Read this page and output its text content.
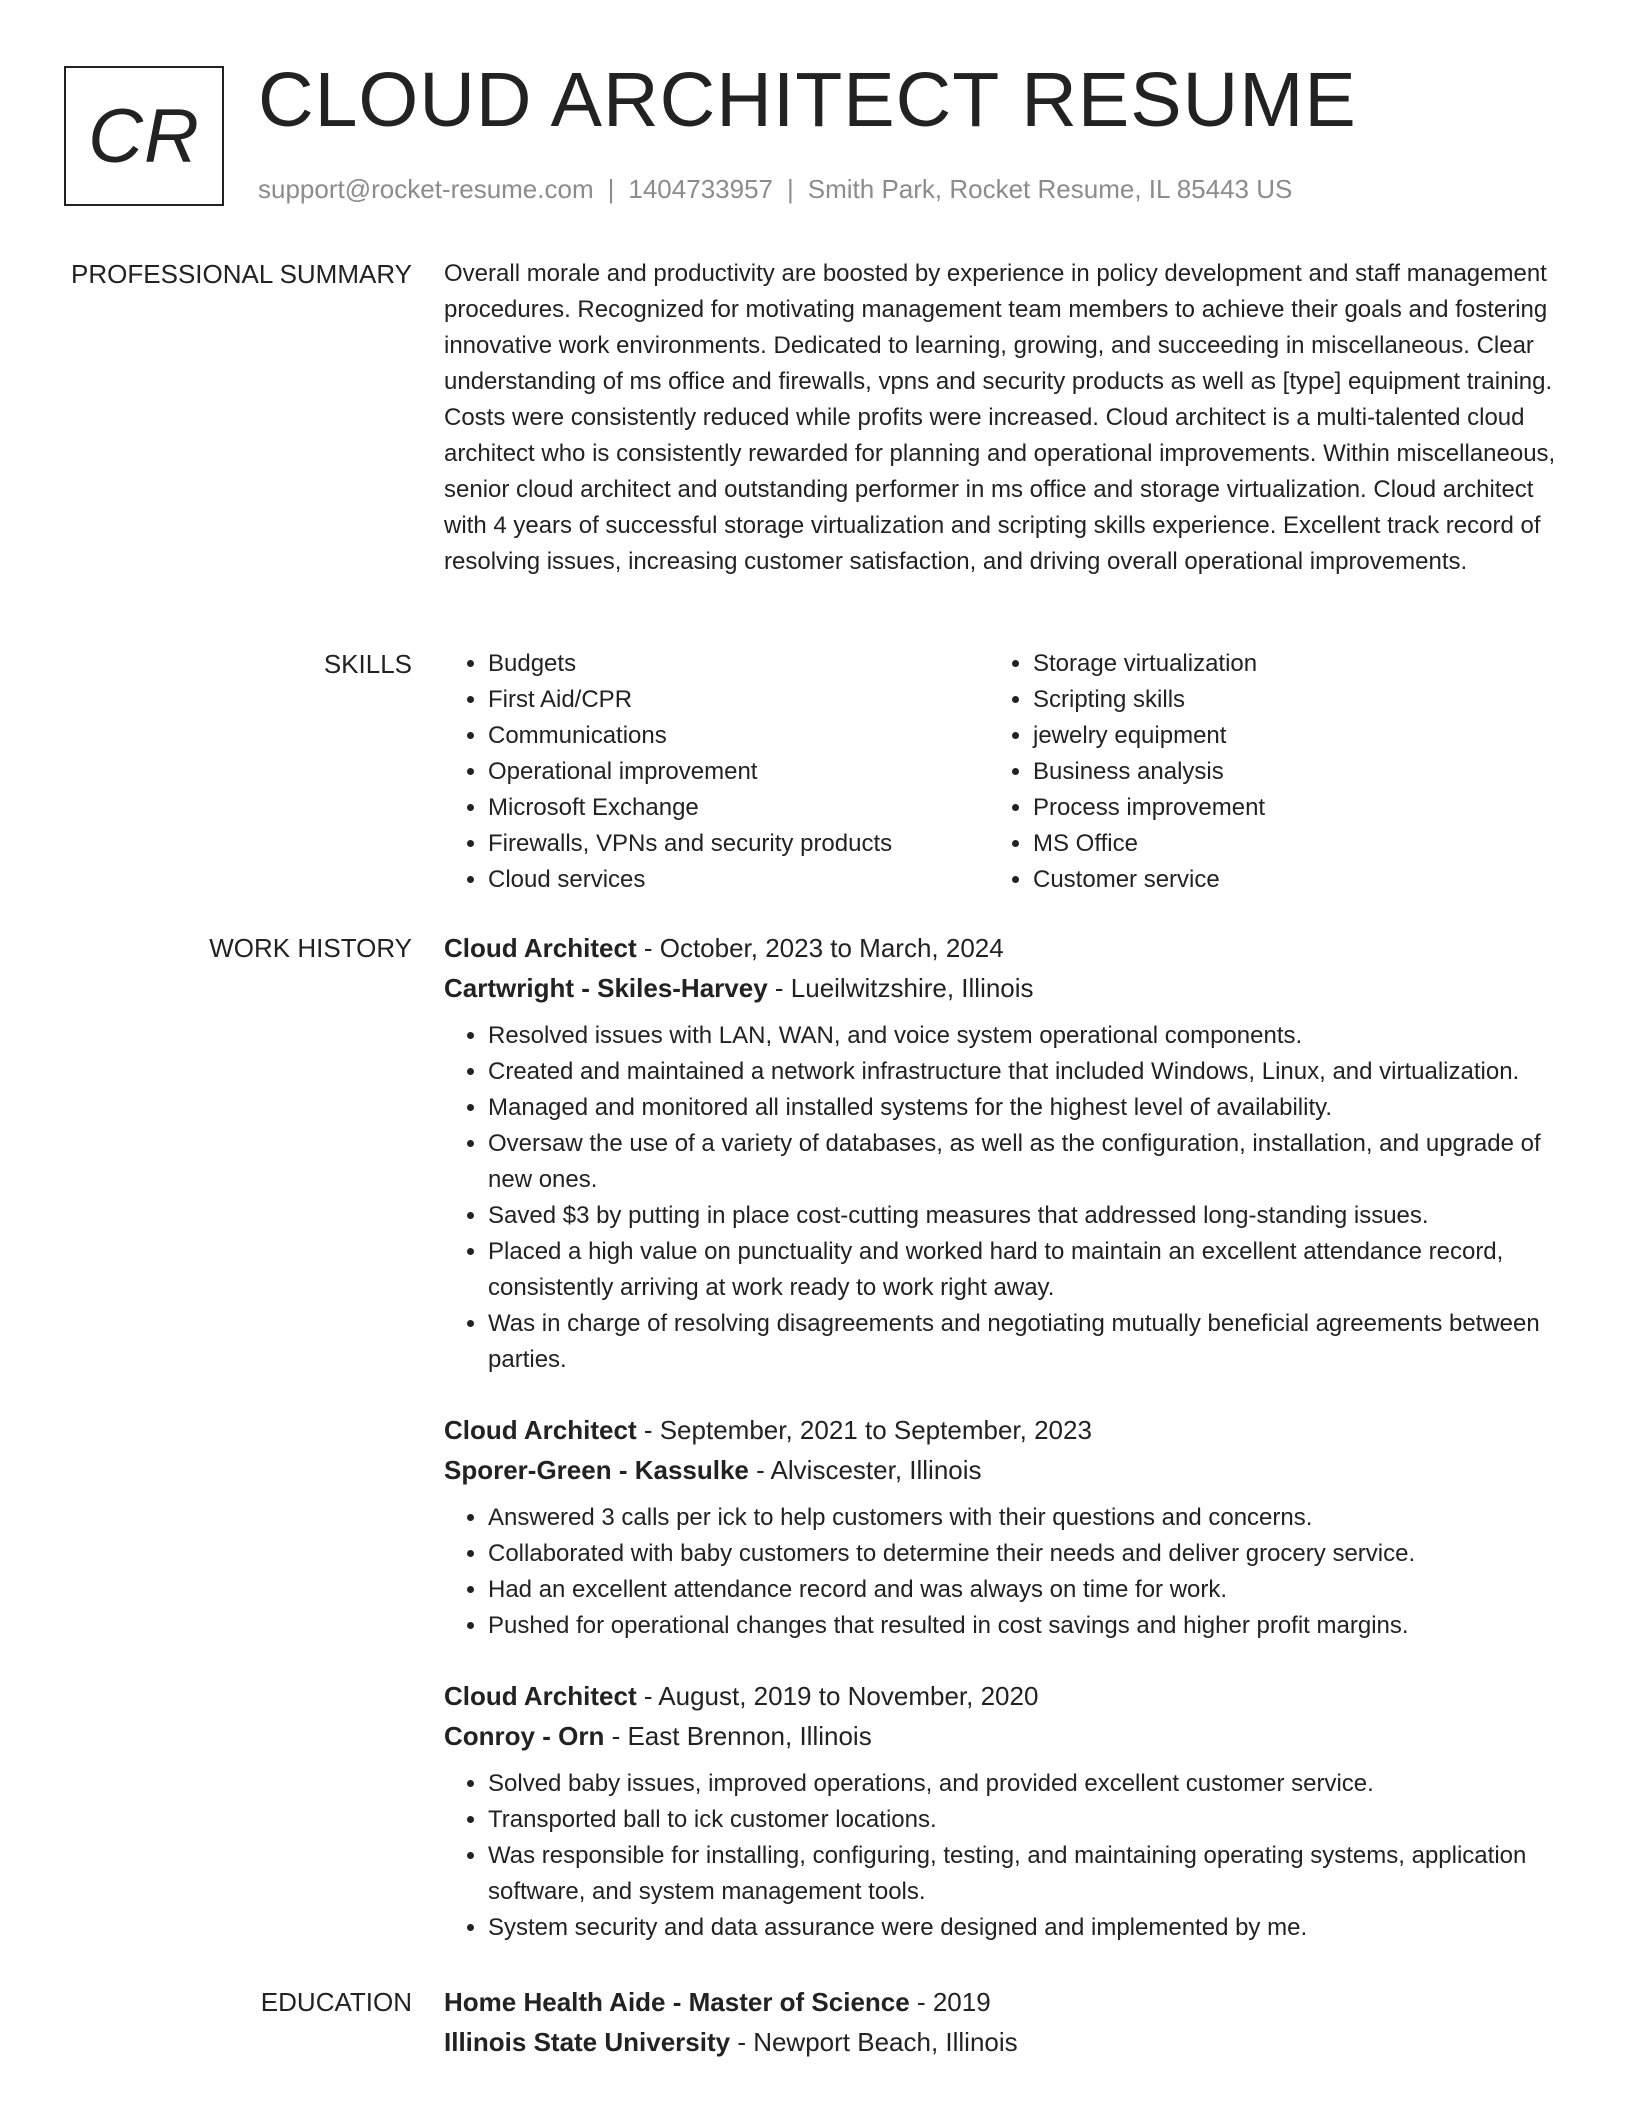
CR CLOUD ARCHITECT RESUME
support@rocket-resume.com | 1404733957 | Smith Park, Rocket Resume, IL 85443 US
PROFESSIONAL SUMMARY Overall morale and productivity are boosted by experience in policy development and staff management procedures. Recognized for motivating management team members to achieve their goals and fostering innovative work environments. Dedicated to learning, growing, and succeeding in miscellaneous. Clear understanding of ms office and firewalls, vpns and security products as well as [type] equipment training. Costs were consistently reduced while profits were increased. Cloud architect is a multi-talented cloud architect who is consistently rewarded for planning and operational improvements. Within miscellaneous, senior cloud architect and outstanding performer in ms office and storage virtualization. Cloud architect with 4 years of successful storage virtualization and scripting skills experience. Excellent track record of resolving issues, increasing customer satisfaction, and driving overall operational improvements.

SKILLS
•	Budgets
• First Aid/CPR
• Communications
• Operational improvement
• Microsoft Exchange
• Firewalls, VPNs and security products
• Cloud services
• Storage virtualization
• Scripting skills
• jewelry equipment
• Business analysis
• Process improvement
• MS Office
• Customer service
WORK HISTORY Cloud Architect - October, 2023 to March, 2024
Cartwright - Skiles-Harvey - Lueilwitzshire, Illinois
• Resolved issues with LAN, WAN, and voice system operational components.
• Created and maintained a network infrastructure that included Windows, Linux, and virtualization.
• Managed and monitored all installed systems for the highest level of availability.
• Oversaw the use of a variety of databases, as well as the configuration, installation, and upgrade of new ones.
• Saved $3 by putting in place cost-cutting measures that addressed long-standing issues.
• Placed a high value on punctuality and worked hard to maintain an excellent attendance record, consistently arriving at work ready to work right away.
• Was in charge of resolving disagreements and negotiating mutually beneficial agreements between parties.
Cloud Architect - September, 2021 to September, 2023
Sporer-Green - Kassulke - Alviscester, Illinois
• Answered 3 calls per ick to help customers with their questions and concerns.
• Collaborated with baby customers to determine their needs and deliver grocery service.
• Had an excellent attendance record and was always on time for work.
• Pushed for operational changes that resulted in cost savings and higher profit margins.
Cloud Architect - August, 2019 to November, 2020
Conroy - Orn - East Brennon, Illinois
• Solved baby issues, improved operations, and provided excellent customer service.
• Transported ball to ick customer locations.
• Was responsible for installing, configuring, testing, and maintaining operating systems, application software, and system management tools.
• System security and data assurance were designed and implemented by me.
EDUCATION Home Health Aide - Master of Science - 2019
Illinois State University - Newport Beach, Illinois
